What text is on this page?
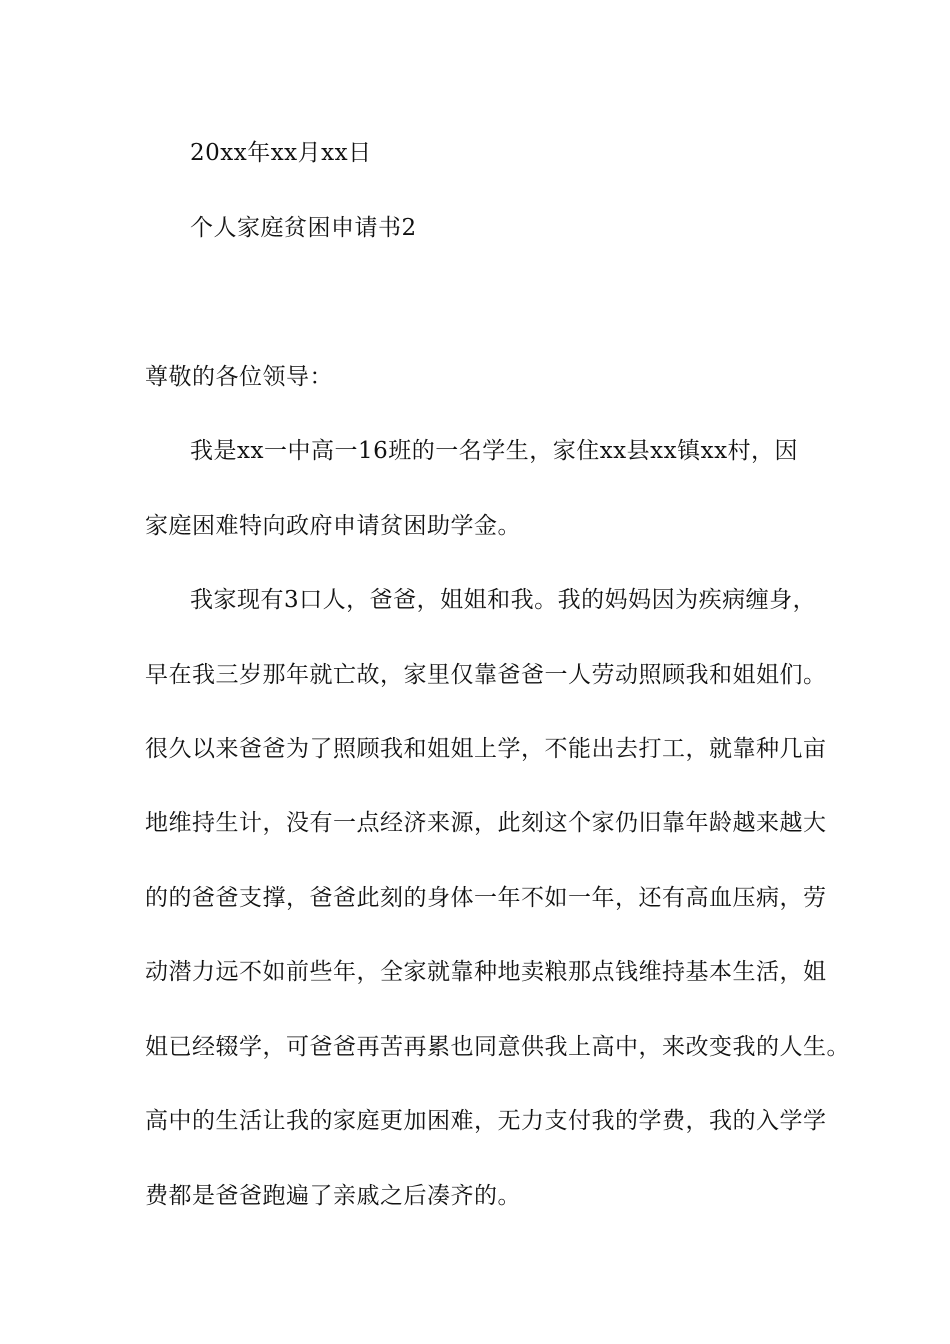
20xx年xx月xx日
个人家庭贫困申请书2
尊敬的各位领导：
我是xx一中高一16班的一名学生，家住xx县xx镇xx村，因
家庭困难特向政府申请贫困助学金。
我家现有3口人，爸爸，姐姐和我。我的妈妈因为疾病缠身，
早在我三岁那年就亡故，家里仅靠爸爸一人劳动照顾我和姐姐们。
很久以来爸爸为了照顾我和姐姐上学，不能出去打工，就靠种几亩
地维持生计，没有一点经济来源，此刻这个家仍旧靠年龄越来越大
的的爸爸支撑，爸爸此刻的身体一年不如一年，还有高血压病，劳
动潜力远不如前些年，全家就靠种地卖粮那点钱维持基本生活，姐
姐已经辍学，可爸爸再苦再累也同意供我上高中，来改变我的人生。
高中的生活让我的家庭更加困难，无力支付我的学费，我的入学学
费都是爸爸跑遍了亲戚之后凑齐的。
